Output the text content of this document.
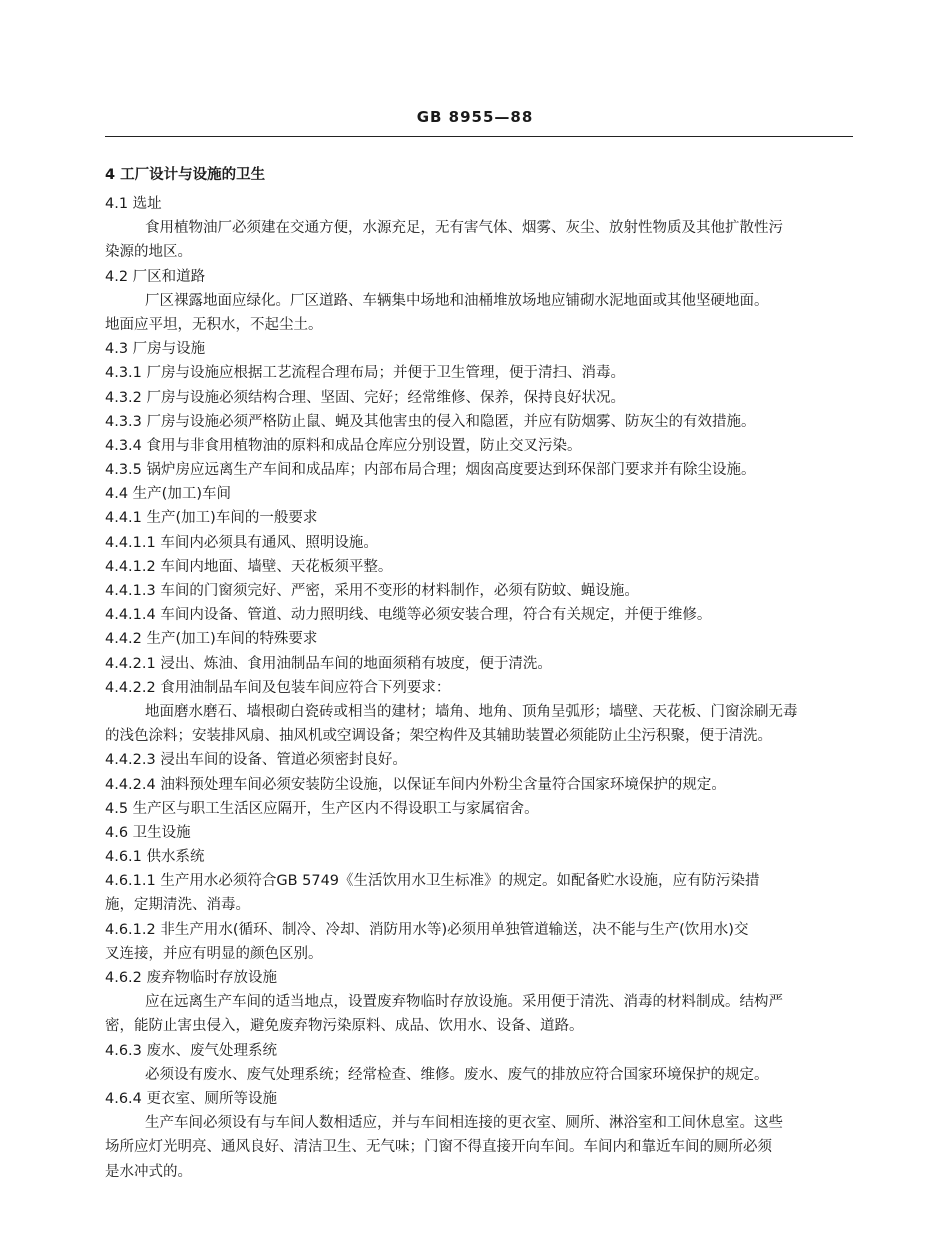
GB 8955—88
4 工厂设计与设施的卫生
4.1 选址
食用植物油厂必须建在交通方便，水源充足，无有害气体、烟雾、灰尘、放射性物质及其他扩散性污
染源的地区。
4.2 厂区和道路
厂区裸露地面应绿化。厂区道路、车辆集中场地和油桶堆放场地应铺砌水泥地面或其他坚硬地面。
地面应平坦，无积水，不起尘土。
4.3 厂房与设施
4.3.1 厂房与设施应根据工艺流程合理布局；并便于卫生管理，便于清扫、消毒。
4.3.2 厂房与设施必须结构合理、坚固、完好；经常维修、保养，保持良好状况。
4.3.3 厂房与设施必须严格防止鼠、蝇及其他害虫的侵入和隐匿，并应有防烟雾、防灰尘的有效措施。
4.3.4 食用与非食用植物油的原料和成品仓库应分别设置，防止交叉污染。
4.3.5 锅炉房应远离生产车间和成品库；内部布局合理；烟囱高度要达到环保部门要求并有除尘设施。
4.4 生产(加工)车间
4.4.1 生产(加工)车间的一般要求
4.4.1.1 车间内必须具有通风、照明设施。
4.4.1.2 车间内地面、墙壁、天花板须平整。
4.4.1.3 车间的门窗须完好、严密，采用不变形的材料制作，必须有防蚊、蝇设施。
4.4.1.4 车间内设备、管道、动力照明线、电缆等必须安装合理，符合有关规定，并便于维修。
4.4.2 生产(加工)车间的特殊要求
4.4.2.1 浸出、炼油、食用油制品车间的地面须稍有坡度，便于清洗。
4.4.2.2 食用油制品车间及包装车间应符合下列要求：
地面磨水磨石、墙根砌白瓷砖或相当的建材；墙角、地角、顶角呈弧形；墙壁、天花板、门窗涂刷无毒
的浅色涂料；安装排风扇、抽风机或空调设备；架空构件及其辅助装置必须能防止尘污积聚，便于清洗。
4.4.2.3 浸出车间的设备、管道必须密封良好。
4.4.2.4 油料预处理车间必须安装防尘设施，以保证车间内外粉尘含量符合国家环境保护的规定。
4.5 生产区与职工生活区应隔开，生产区内不得设职工与家属宿舍。
4.6 卫生设施
4.6.1 供水系统
4.6.1.1 生产用水必须符合GB 5749《生活饮用水卫生标准》的规定。如配备贮水设施，应有防污染措
施，定期清洗、消毒。
4.6.1.2 非生产用水(循环、制冷、冷却、消防用水等)必须用单独管道输送，决不能与生产(饮用水)交
叉连接，并应有明显的颜色区别。
4.6.2 废弃物临时存放设施
应在远离生产车间的适当地点，设置废弃物临时存放设施。采用便于清洗、消毒的材料制成。结构严
密，能防止害虫侵入，避免废弃物污染原料、成品、饮用水、设备、道路。
4.6.3 废水、废气处理系统
必须设有废水、废气处理系统；经常检查、维修。废水、废气的排放应符合国家环境保护的规定。
4.6.4 更衣室、厕所等设施
生产车间必须设有与车间人数相适应，并与车间相连接的更衣室、厕所、淋浴室和工间休息室。这些
场所应灯光明亮、通风良好、清洁卫生、无气味；门窗不得直接开向车间。车间内和靠近车间的厕所必须
是水冲式的。
